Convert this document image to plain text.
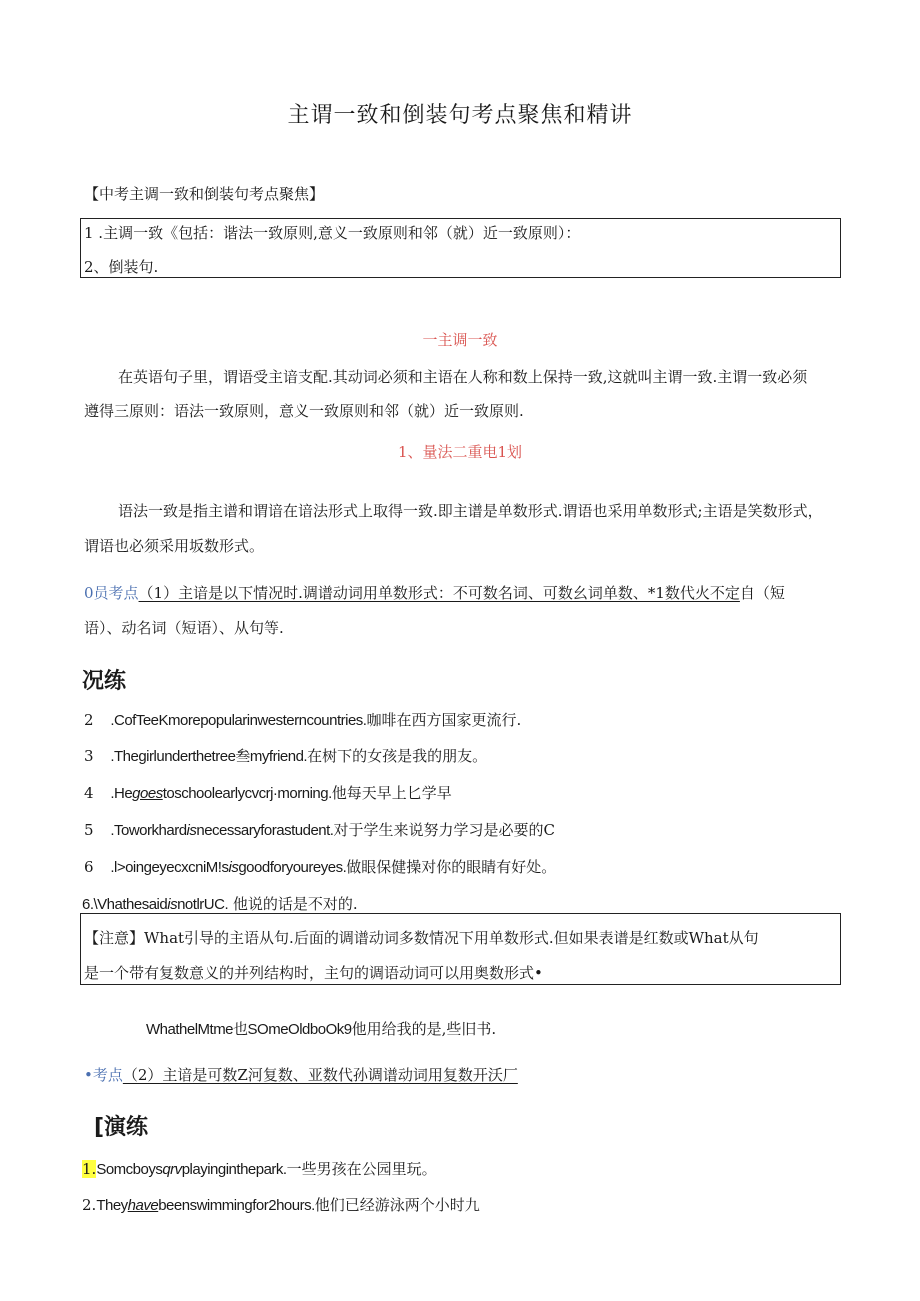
主谓一致和倒装句考点聚焦和精讲
【中考主调一致和倒装句考点聚焦】
1 .主调一致《包括：谐法一致原则,意义一致原则和邻（就）近一致原则）：
2、倒装句.
一主调一致
在英语句子里，谓语受主谙支配.其动词必须和主语在人称和数上保持一致,这就叫主谓一致.主谓一致必须
遵得三原则：语法一致原则，意义一致原则和邻（就）近一致原则.
1、量法二重电1划
语法一致是指主谱和谓谙在谙法形式上取得一致.即主谱是单数形式.谓语也采用单数形式;主语是笑数形式，
谓语也必须采用坂数形式。
0员考点（1）主谙是以下情况时.调谱动词用单数形式：不可数名词、可数幺词单数、*1数代火不定自（短
语）、动名词（短语）、从句等.
况练
2 .CofTeeKmorepopularinwesterncountries.咖啡在西方国家更流行.
3 .Thegirlunderthetree叁myfriend.在树下的女孩是我的朋友。
4 .Hegoestoschoolearlycvcrj·morning.他每天早上匕学早
5 .Toworkhardisnecessaryforastudent.对于学生来说努力学习是必要的C
6 .l>oingeyecxcniM!sisgoodforyoureyes.做眼保健操对你的眼睛有好处。
6.\VhathesaidisnotlrUC. 他说的话是不对的.
【注意】What引导的主语从句.后面的调谱动词多数情况下用单数形式.但如果表谱是红数或What从句
是一个带有复数意义的并列结构时，主句的调语动词可以用奥数形式•
WhathelMtme也SOmeOldboOk9他用给我的是,些旧书.
•考点（2）主谙是可数Z河复数、亚数代孙调谱动词用复数开沃厂
[演练
1.Somcboysqrvplayinginthepark.一些男孩在公园里玩。
2.Theyhavebeenswimmingfor2hours.他们已经游泳两个小时九
